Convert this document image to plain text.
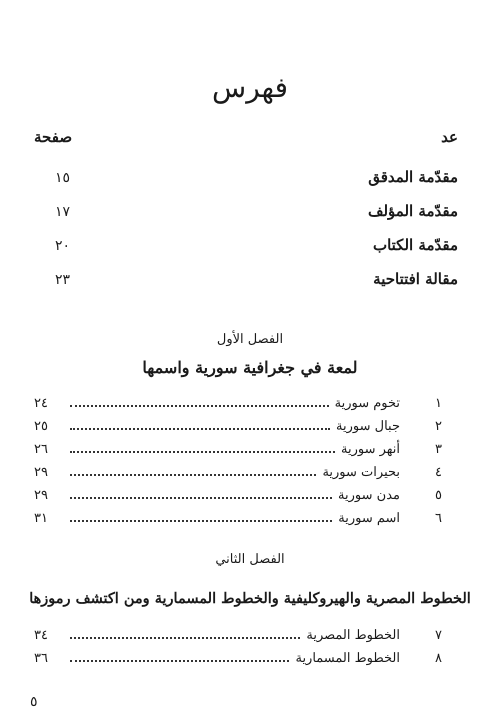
فهرس
عد
صفحة
مقدّمة المدقق
١٥
مقدّمة المؤلف
١٧
مقدّمة الكتاب
٢٠
مقالة افتتاحية
٢٣
الفصل الأول
لمعة في جغرافية سورية واسمها
١
تخوم سورية
٢٤
٢
جبال سورية
٢٥
٣
أنهر سورية
٢٦
٤
بحيرات سورية
٢٩
٥
مدن سورية
٢٩
٦
اسم سورية
٣١
الفصل الثاني
الخطوط المصرية والهيروكليفية والخطوط المسمارية ومن اكتشف رموزها
٧
الخطوط المصرية
٣٤
٨
الخطوط المسمارية
٣٦
٥
